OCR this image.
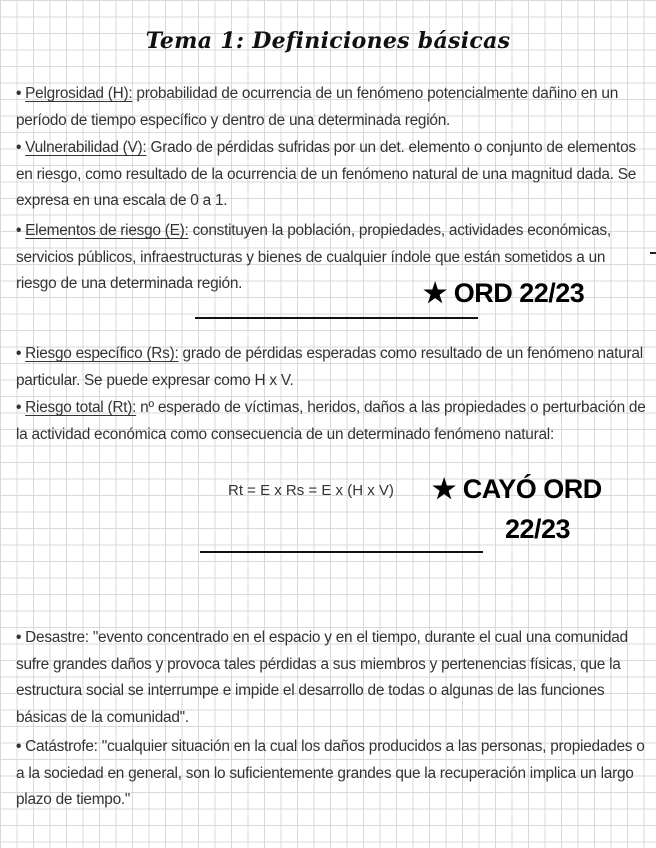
Tema 1: Definiciones básicas
• Pelgrosidad (H): probabilidad de ocurrencia de un fenómeno potencialmente dañino en un período de tiempo específico y dentro de una determinada región.
• Vulnerabilidad (V): Grado de pérdidas sufridas por un det. elemento o conjunto de elementos en riesgo, como resultado de la ocurrencia de un fenómeno natural de una magnitud dada. Se expresa en una escala de 0 a 1.
• Elementos de riesgo (E): constituyen la población, propiedades, actividades económicas, servicios públicos, infraestructuras y bienes de cualquier índole que están sometidos a un riesgo de una determinada región.	★ ORD 22/23
• Riesgo específico (Rs): grado de pérdidas esperadas como resultado de un fenómeno natural particular. Se puede expresar como H x V.
• Riesgo total (Rt): nº esperado de víctimas, heridos, daños a las propiedades o perturbación de la actividad económica como consecuencia de un determinado fenómeno natural:
Rt = E x Rs = E x (H x V) ★ CAYÓ ORD
22/23
• Desastre: "evento concentrado en el espacio y en el tiempo, durante el cual una comunidad sufre grandes daños y provoca tales pérdidas a sus miembros y pertenencias físicas, que la estructura social se interrumpe e impide el desarrollo de todas o algunas de las funciones básicas de la comunidad".
• Catástrofe: "cualquier situación en la cual los daños producidos a las personas, propiedades o a la sociedad en general, son lo suficientemente grandes que la recuperación implica un largo plazo de tiempo."
